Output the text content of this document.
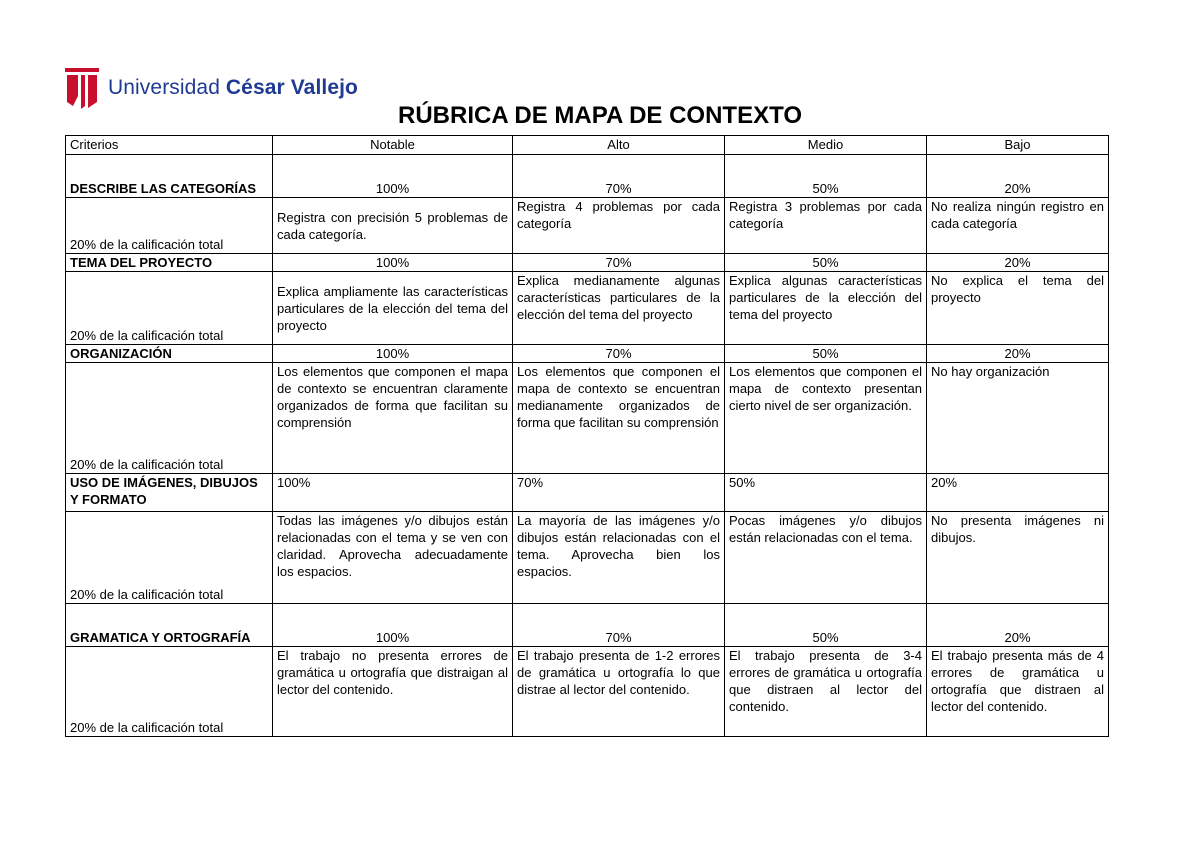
Universidad César Vallejo
RÚBRICA DE MAPA DE CONTEXTO
Criterios	Notable	Alto	Medio	Bajo
DESCRIBE LAS CATEGORÍAS	100%	70%	50%	20%
20% de la calificación total	Registra con precisión 5 problemas de cada categoría.	Registra 4 problemas por cada categoría	Registra 3 problemas por cada categoría	No realiza ningún registro en cada categoría
TEMA DEL PROYECTO	100%	70%	50%	20%
20% de la calificación total	Explica ampliamente las características particulares de la elección del tema del proyecto	Explica medianamente algunas características particulares de la elección del tema del proyecto	Explica algunas características particulares de la elección del tema del proyecto	No explica el tema del proyecto
ORGANIZACIÓN	100%	70%	50%	20%
20% de la calificación total	Los elementos que componen el mapa de contexto se encuentran claramente organizados de forma que facilitan su comprensión	Los elementos que componen el mapa de contexto se encuentran medianamente organizados de forma que facilitan su comprensión	Los elementos que componen el mapa de contexto presentan cierto nivel de ser organización.	No hay organización
USO DE IMÁGENES, DIBUJOS Y FORMATO	100%	70%	50%	20%
20% de la calificación total	Todas las imágenes y/o dibujos están relacionadas con el tema y se ven con claridad. Aprovecha adecuadamente los espacios.	La mayoría de las imágenes y/o dibujos están relacionadas con el tema. Aprovecha bien los espacios.	Pocas imágenes y/o dibujos están relacionadas con el tema.	No presenta imágenes ni dibujos.
GRAMATICA Y ORTOGRAFÍA	100%	70%	50%	20%
20% de la calificación total	El trabajo no presenta errores de gramática u ortografía que distraigan al lector del contenido.	El trabajo presenta de 1-2 errores de gramática u ortografía lo que distrae al lector del contenido.	El trabajo presenta de 3-4 errores de gramática u ortografía que distraen al lector del contenido.	El trabajo presenta más de 4 errores de gramática u ortografía que distraen al lector del contenido.
